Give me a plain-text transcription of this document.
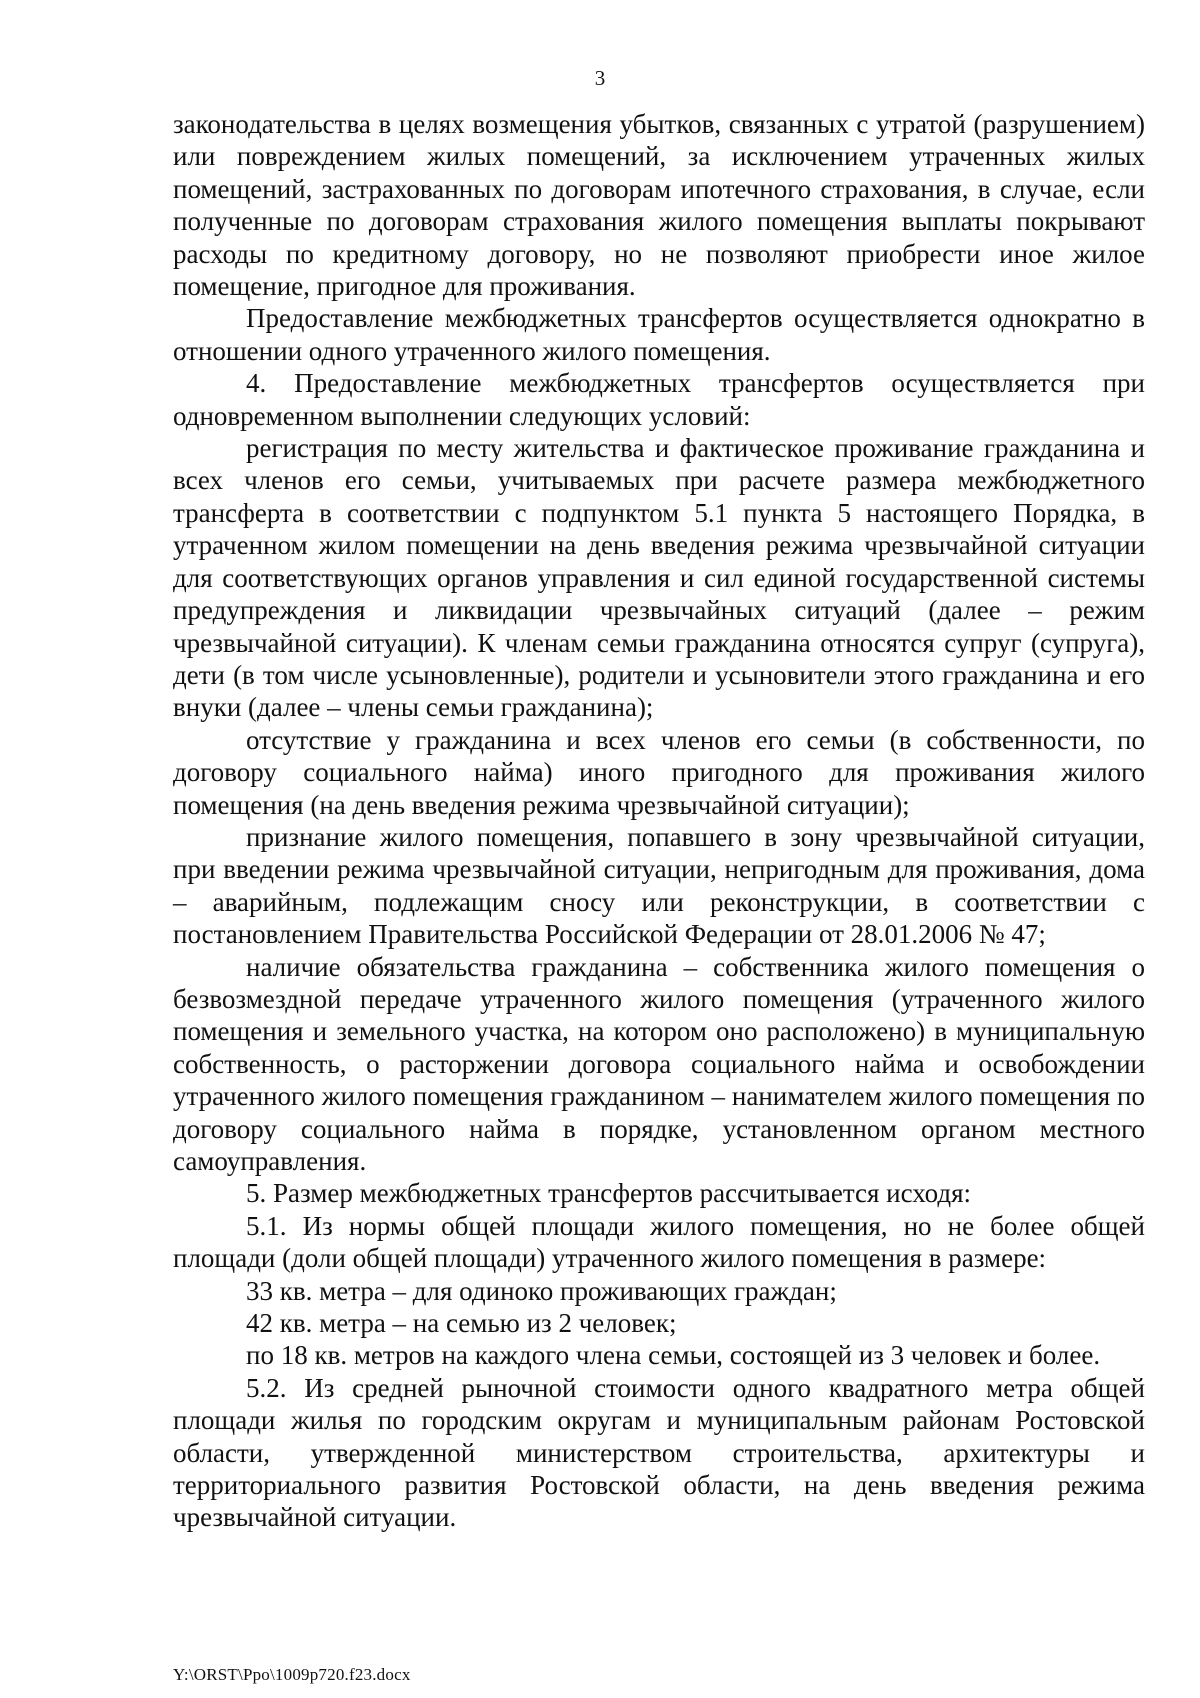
3

законодательства в целях возмещения убытков, связанных с утратой (разрушением) или повреждением жилых помещений, за исключением утраченных жилых помещений, застрахованных по договорам ипотечного страхования, в случае, если полученные по договорам страхования жилого помещения выплаты покрывают расходы по кредитному договору, но не позволяют приобрести иное жилое помещение, пригодное для проживания.

Предоставление межбюджетных трансфертов осуществляется однократно в отношении одного утраченного жилого помещения.

4. Предоставление межбюджетных трансфертов осуществляется при одновременном выполнении следующих условий:

регистрация по месту жительства и фактическое проживание гражданина и всех членов его семьи, учитываемых при расчете размера межбюджетного трансферта в соответствии с подпунктом 5.1 пункта 5 настоящего Порядка, в утраченном жилом помещении на день введения режима чрезвычайной ситуации для соответствующих органов управления и сил единой государственной системы предупреждения и ликвидации чрезвычайных ситуаций (далее – режим чрезвычайной ситуации). К членам семьи гражданина относятся супруг (супруга), дети (в том числе усыновленные), родители и усыновители этого гражданина и его внуки (далее – члены семьи гражданина);

отсутствие у гражданина и всех членов его семьи (в собственности, по договору социального найма) иного пригодного для проживания жилого помещения (на день введения режима чрезвычайной ситуации);

признание жилого помещения, попавшего в зону чрезвычайной ситуации, при введении режима чрезвычайной ситуации, непригодным для проживания, дома – аварийным, подлежащим сносу или реконструкции, в соответствии с постановлением Правительства Российской Федерации от 28.01.2006 № 47;

наличие обязательства гражданина – собственника жилого помещения о безвозмездной передаче утраченного жилого помещения (утраченного жилого помещения и земельного участка, на котором оно расположено) в муниципальную собственность, о расторжении договора социального найма и освобождении утраченного жилого помещения гражданином – нанимателем жилого помещения по договору социального найма в порядке, установленном органом местного самоуправления.

5. Размер межбюджетных трансфертов рассчитывается исходя:

5.1. Из нормы общей площади жилого помещения, но не более общей площади (доли общей площади) утраченного жилого помещения в размере:

33 кв. метра – для одиноко проживающих граждан;

42 кв. метра – на семью из 2 человек;

по 18 кв. метров на каждого члена семьи, состоящей из 3 человек и более.

5.2. Из средней рыночной стоимости одного квадратного метра общей площади жилья по городским округам и муниципальным районам Ростовской области, утвержденной министерством строительства, архитектуры и территориального развития Ростовской области, на день введения режима чрезвычайной ситуации.

Y:\ORST\Ppo\1009p720.f23.docx
